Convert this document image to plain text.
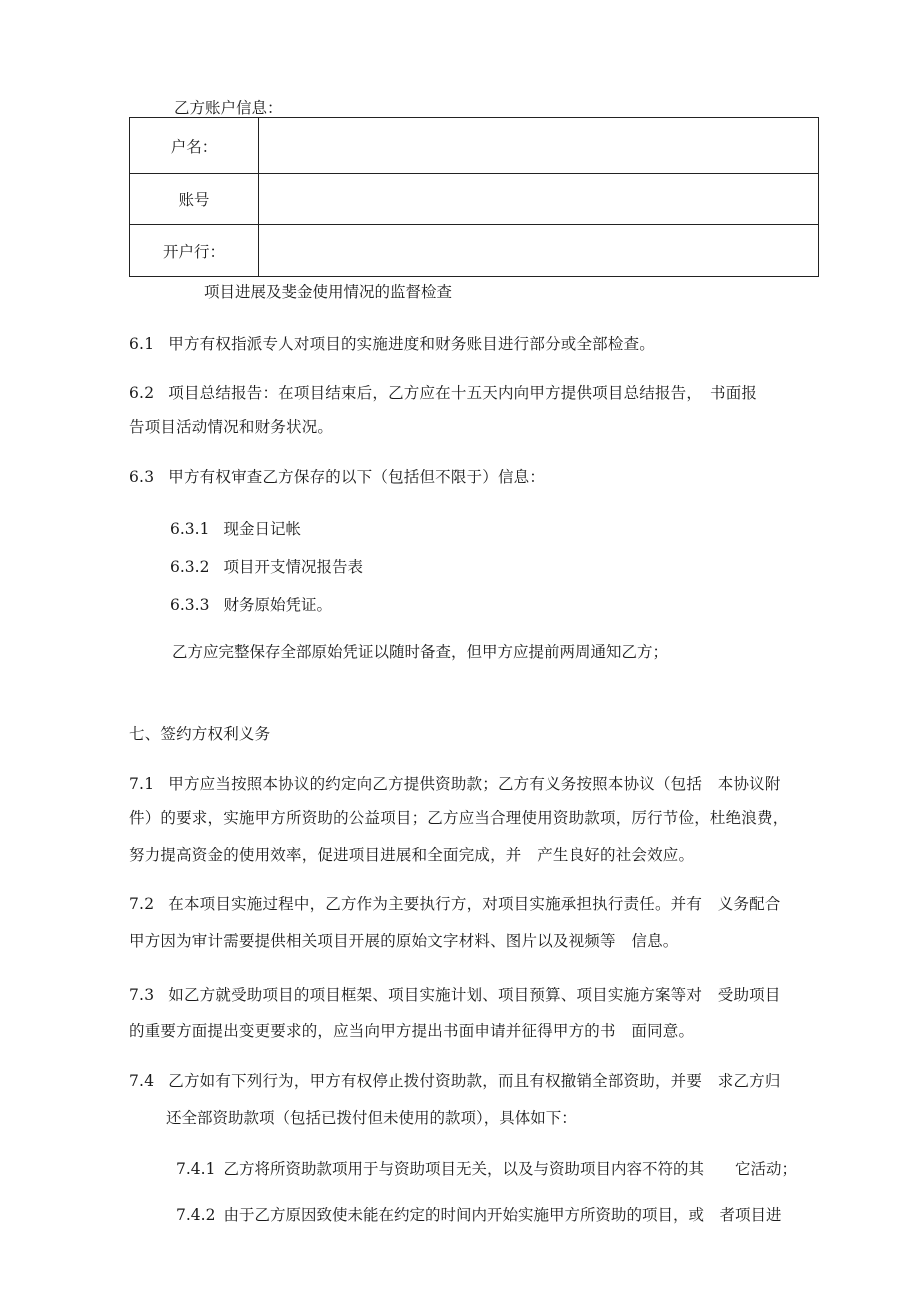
乙方账户信息：
户名：	
账号	
开户行：	
项目进展及斐金使用情况的监督检查
6.1 甲方有权指派专人对项目的实施进度和财务账目进行部分或全部检查。
6.2 项目总结报告：在项目结束后，乙方应在十五天内向甲方提供项目总结报告，　书面报
告项目活动情况和财务状况。
6.3 甲方有权审查乙方保存的以下（包括但不限于）信息：
6.3.1 现金日记帐
6.3.2 项目开支情况报告表
6.3.3 财务原始凭证。
乙方应完整保存全部原始凭证以随时备查，但甲方应提前两周通知乙方；
七、签约方权利义务
7.1 甲方应当按照本协议的约定向乙方提供资助款；乙方有义务按照本协议（包括　本协议附
件）的要求，实施甲方所资助的公益项目；乙方应当合理使用资助款项，厉行节俭，杜绝浪费，
努力提高资金的使用效率，促进项目进展和全面完成，并　产生良好的社会效应。
7.2 在本项目实施过程中，乙方作为主要执行方，对项目实施承担执行责任。并有　义务配合
甲方因为审计需要提供相关项目开展的原始文字材料、图片以及视频等　信息。
7.3 如乙方就受助项目的项目框架、项目实施计划、项目预算、项目实施方案等对　受助项目
的重要方面提出变更要求的，应当向甲方提出书面申请并征得甲方的书　面同意。
7.4 乙方如有下列行为，甲方有权停止拨付资助款，而且有权撤销全部资助，并要　求乙方归
还全部资助款项（包括已拨付但未使用的款项），具体如下：
7.4.1 乙方将所资助款项用于与资助项目无关，以及与资助项目内容不符的其　　它活动；
7.4.2 由于乙方原因致使未能在约定的时间内开始实施甲方所资助的项目，或　者项目进
